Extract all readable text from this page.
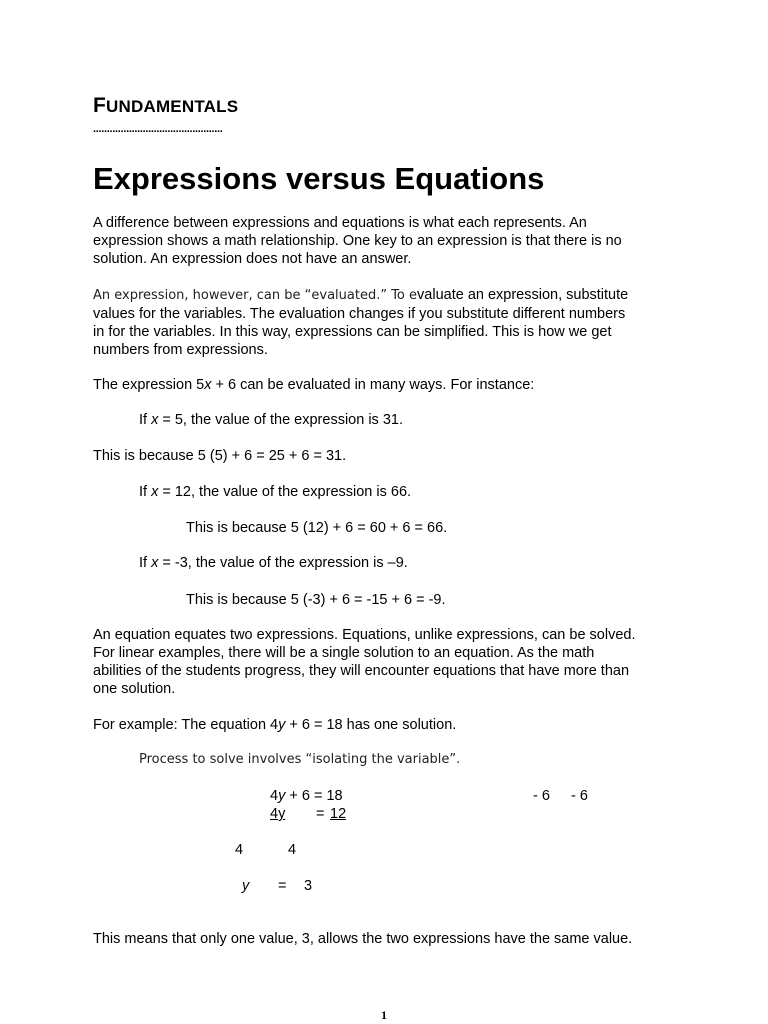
FUNDAMENTALS
...............................................
Expressions versus Equations
A difference between expressions and equations is what each represents. An
expression shows a math relationship. One key to an expression is that there is no
solution. An expression does not have an answer.
An expression, however, can be “evaluated.” To evaluate an expression, substitute
values for the variables. The evaluation changes if you substitute different numbers
in for the variables. In this way, expressions can be simplified. This is how we get
numbers from expressions.
The expression 5x + 6 can be evaluated in many ways. For instance:
If x = 5, the value of the expression is 31.
This is because 5 (5) + 6 = 25 + 6 = 31.
If x = 12, the value of the expression is 66.
This is because 5 (12) + 6 = 60 + 6 = 66.
If x = -3, the value of the expression is –9.
This is because 5 (-3) + 6 = -15 + 6 = -9.
An equation equates two expressions. Equations, unlike expressions, can be solved.
For linear examples, there will be a single solution to an equation. As the math
abilities of the students progress, they will encounter equations that have more than
one solution.
For example: The equation 4y + 6 = 18 has one solution.
Process to solve involves “isolating the variable”.
4y + 6 = 18	- 6 - 6
4y = 12
4	4
y = 3
This means that only one value, 3, allows the two expressions have the same value.
1
